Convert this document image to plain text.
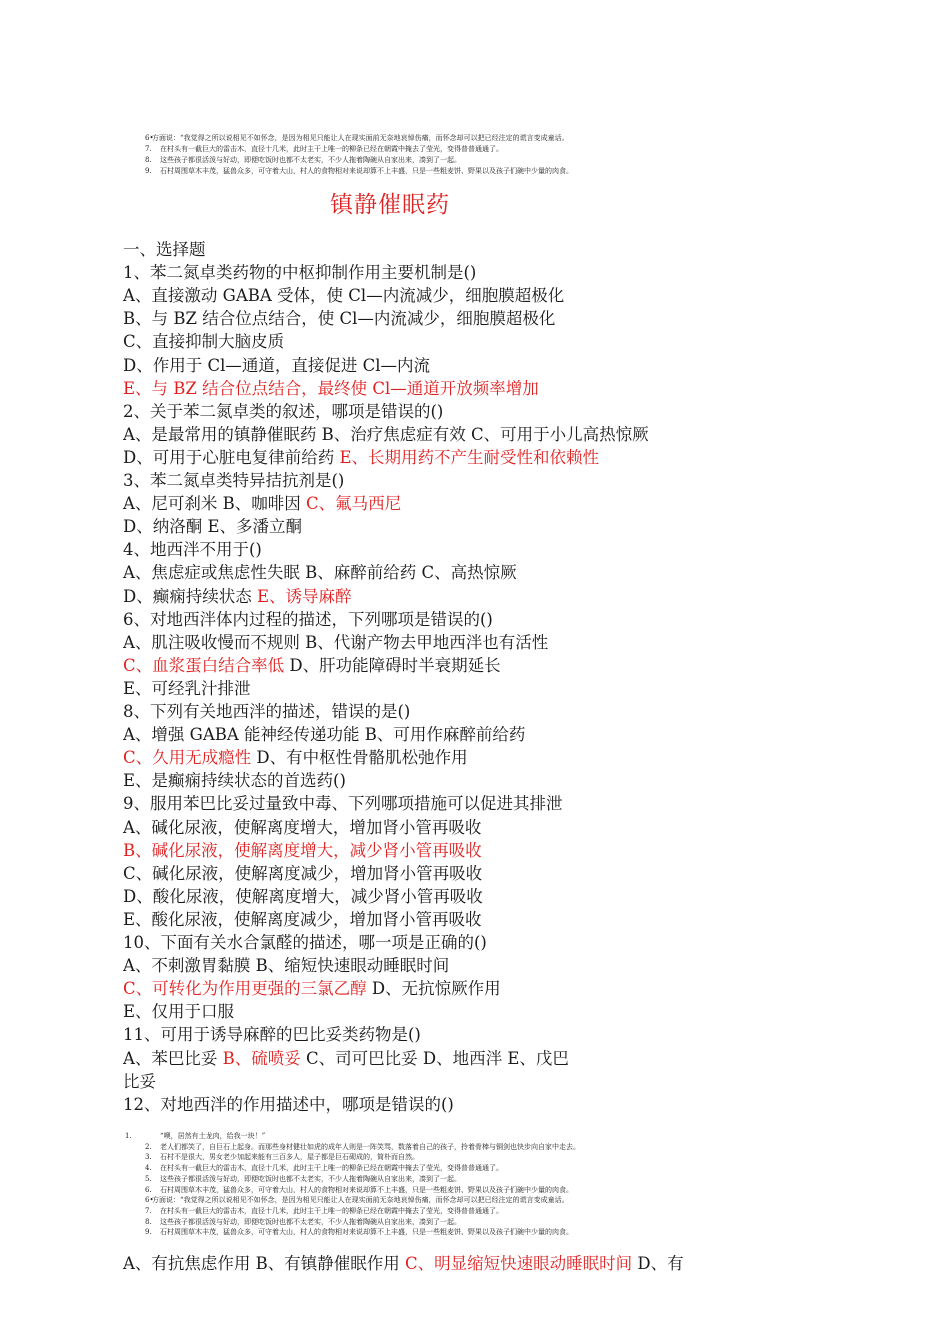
6•
方面说：“我觉得之所以说相见不如怀念，是因为相见只能让人在现实面前无奈地哀悼伤痛，而怀念却可以把已经注定的谎言变成童话。
7. 在村头有一截巨大的雷击木，直径十几米，此时主干上唯一的柳条已经在朝霞中掩去了莹光，变得普普通通了。
8. 这些孩子都很活泼与好动，即便吃饭时也都不太老实，不少人拖着陶碗从自家出来，凑到了一起。
9. 石村周围草木丰茂，猛兽众多，可守着大山，村人的食物相对来说却算不上丰盛，只是一些粗麦饼、野果以及孩子们碗中少量的肉食。
镇静催眠药
一、选择题
1、苯二氮卓类药物的中枢抑制作用主要机制是()
A、直接激动 GABA 受体，使 Cl—内流减少，细胞膜超极化
B、与 BZ 结合位点结合，使 Cl—内流减少，细胞膜超极化
C、直接抑制大脑皮质
D、作用于 Cl—通道，直接促进 Cl—内流
E、与 BZ 结合位点结合，最终使 Cl—通道开放频率增加
2、关于苯二氮卓类的叙述，哪项是错误的()
A、是最常用的镇静催眠药 B、治疗焦虑症有效 C、可用于小儿高热惊厥
D、可用于心脏电复律前给药 E、长期用药不产生耐受性和依赖性
3、苯二氮卓类特异拮抗剂是()
A、尼可刹米 B、咖啡因 C、氟马西尼
D、纳洛酮 E、多潘立酮
4、地西泮不用于()
A、焦虑症或焦虑性失眠 B、麻醉前给药 C、高热惊厥
D、癫痫持续状态 E、诱导麻醉
6、对地西泮体内过程的描述，下列哪项是错误的()
A、肌注吸收慢而不规则 B、代谢产物去甲地西泮也有活性
C、血浆蛋白结合率低 D、肝功能障碍时半衰期延长
E、可经乳汁排泄
8、下列有关地西泮的描述，错误的是()
A、增强 GABA 能神经传递功能 B、可用作麻醉前给药
C、久用无成瘾性 D、有中枢性骨骼肌松弛作用
E、是癫痫持续状态的首选药()
9、服用苯巴比妥过量致中毒、下列哪项措施可以促进其排泄
A、碱化尿液，使解离度增大，增加肾小管再吸收
B、碱化尿液，使解离度增大，减少肾小管再吸收
C、碱化尿液，使解离度减少，增加肾小管再吸收
D、酸化尿液，使解离度增大，减少肾小管再吸收
E、酸化尿液，使解离度减少，增加肾小管再吸收
10、下面有关水合氯醛的描述，哪一项是正确的()
A、不刺激胃黏膜 B、缩短快速眼动睡眠时间
C、可转化为作用更强的三氯乙醇 D、无抗惊厥作用
E、仅用于口服
11、可用于诱导麻醉的巴比妥类药物是()
A、苯巴比妥 B、硫喷妥 C、司可巴比妥 D、地西泮 E、戊巴
比妥
12、对地西泮的作用描述中，哪项是错误的()
1.	“噢，居然有土龙肉，给我一块！”
2. 老人们都笑了，自巨石上起身。而那些身材健壮如虎的成年人则是一阵笑骂，数落着自己的孩子，拎着骨棒与铜剑也快步向自家中走去。
3. 石村不是很大，男女老少加起来能有三百多人，屋子都是巨石砌成的，简朴而自然。
4. 在村头有一截巨大的雷击木，直径十几米，此时主干上唯一的柳条已经在朝霞中掩去了莹光，变得普普通通了。
5. 这些孩子都很活泼与好动，即便吃饭时也都不太老实，不少人拖着陶碗从自家出来，凑到了一起。
6. 石村周围草木丰茂，猛兽众多，可守着大山，村人的食物相对来说却算不上丰盛，只是一些粗麦饼、野果以及孩子们碗中少量的肉食。
6•
方面说：“我觉得之所以说相见不如怀念，是因为相见只能让人在现实面前无奈地哀悼伤痛，而怀念却可以把已经注定的谎言变成童话。
7. 在村头有一截巨大的雷击木，直径十几米，此时主干上唯一的柳条已经在朝霞中掩去了莹光，变得普普通通了。
8. 这些孩子都很活泼与好动，即便吃饭时也都不太老实，不少人拖着陶碗从自家出来，凑到了一起。
9. 石村周围草木丰茂，猛兽众多，可守着大山，村人的食物相对来说却算不上丰盛，只是一些粗麦饼、野果以及孩子们碗中少量的肉食。
A、有抗焦虑作用 B、有镇静催眠作用 C、明显缩短快速眼动睡眠时间 D、有
